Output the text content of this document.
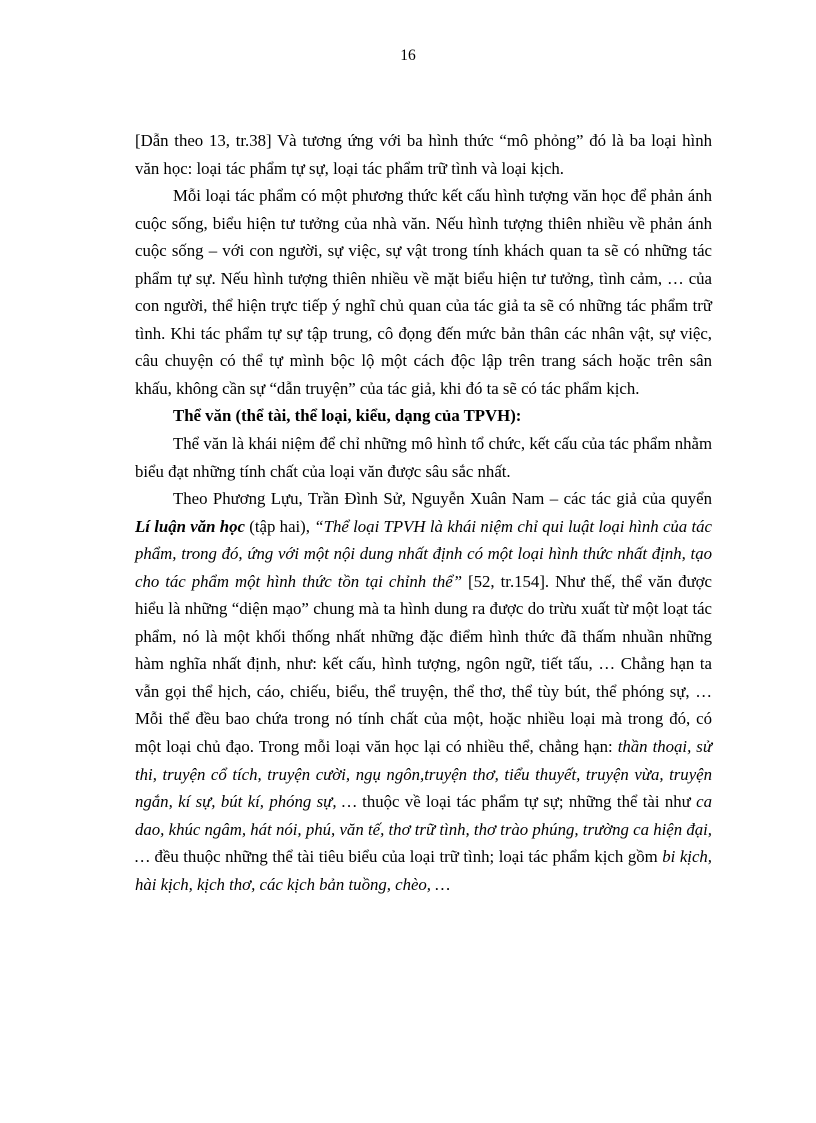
16

[Dẫn theo 13, tr.38] Và tương ứng với ba hình thức “mô phỏng” đó là ba loại hình văn học: loại tác phẩm tự sự, loại tác phẩm trữ tình và loại kịch.

Mỗi loại tác phẩm có một phương thức kết cấu hình tượng văn học để phản ánh cuộc sống, biểu hiện tư tưởng của nhà văn. Nếu hình tượng thiên nhiều về phản ánh cuộc sống – với con người, sự việc, sự vật trong tính khách quan ta sẽ có những tác phẩm tự sự. Nếu hình tượng thiên nhiều về mặt biểu hiện tư tưởng, tình cảm, … của con người, thể hiện trực tiếp ý nghĩ chủ quan của tác giả ta sẽ có những tác phẩm trữ tình. Khi tác phẩm tự sự tập trung, cô đọng đến mức bản thân các nhân vật, sự việc, câu chuyện có thể tự mình bộc lộ một cách độc lập trên trang sách hoặc trên sân khấu, không cần sự “dẫn truyện” của tác giả, khi đó ta sẽ có tác phẩm kịch.

Thể văn (thể tài, thể loại, kiểu, dạng của TPVH):

Thể văn là khái niệm để chỉ những mô hình tổ chức, kết cấu của tác phẩm nhằm biểu đạt những tính chất của loại văn được sâu sắc nhất.

Theo Phương Lựu, Trần Đình Sử, Nguyễn Xuân Nam – các tác giả của quyển Lí luận văn học (tập hai), “Thể loại TPVH là khái niệm chỉ qui luật loại hình của tác phẩm, trong đó, ứng với một nội dung nhất định có một loại hình thức nhất định, tạo cho tác phẩm một hình thức tồn tại chỉnh thể” [52, tr.154]. Như thế, thể văn được hiểu là những “diện mạo” chung mà ta hình dung ra được do trừu xuất từ một loạt tác phẩm, nó là một khối thống nhất những đặc điểm hình thức đã thấm nhuần những hàm nghĩa nhất định, như: kết cấu, hình tượng, ngôn ngữ, tiết tấu, … Chẳng hạn ta vẫn gọi thể hịch, cáo, chiếu, biểu, thể truyện, thể thơ, thể tùy bút, thể phóng sự, … Mỗi thể đều bao chứa trong nó tính chất của một, hoặc nhiều loại mà trong đó, có một loại chủ đạo. Trong mỗi loại văn học lại có nhiều thể, chẳng hạn: thần thoại, sử thi, truyện cổ tích, truyện cười, ngụ ngôn,truyện thơ, tiểu thuyết, truyện vừa, truyện ngắn, kí sự, bút kí, phóng sự, … thuộc về loại tác phẩm tự sự; những thể tài như ca dao, khúc ngâm, hát nói, phú, văn tế, thơ trữ tình, thơ trào phúng, trường ca hiện đại, … đều thuộc những thể tài tiêu biểu của loại trữ tình; loại tác phẩm kịch gồm bi kịch, hài kịch, kịch thơ, các kịch bản tuồng, chèo, …
